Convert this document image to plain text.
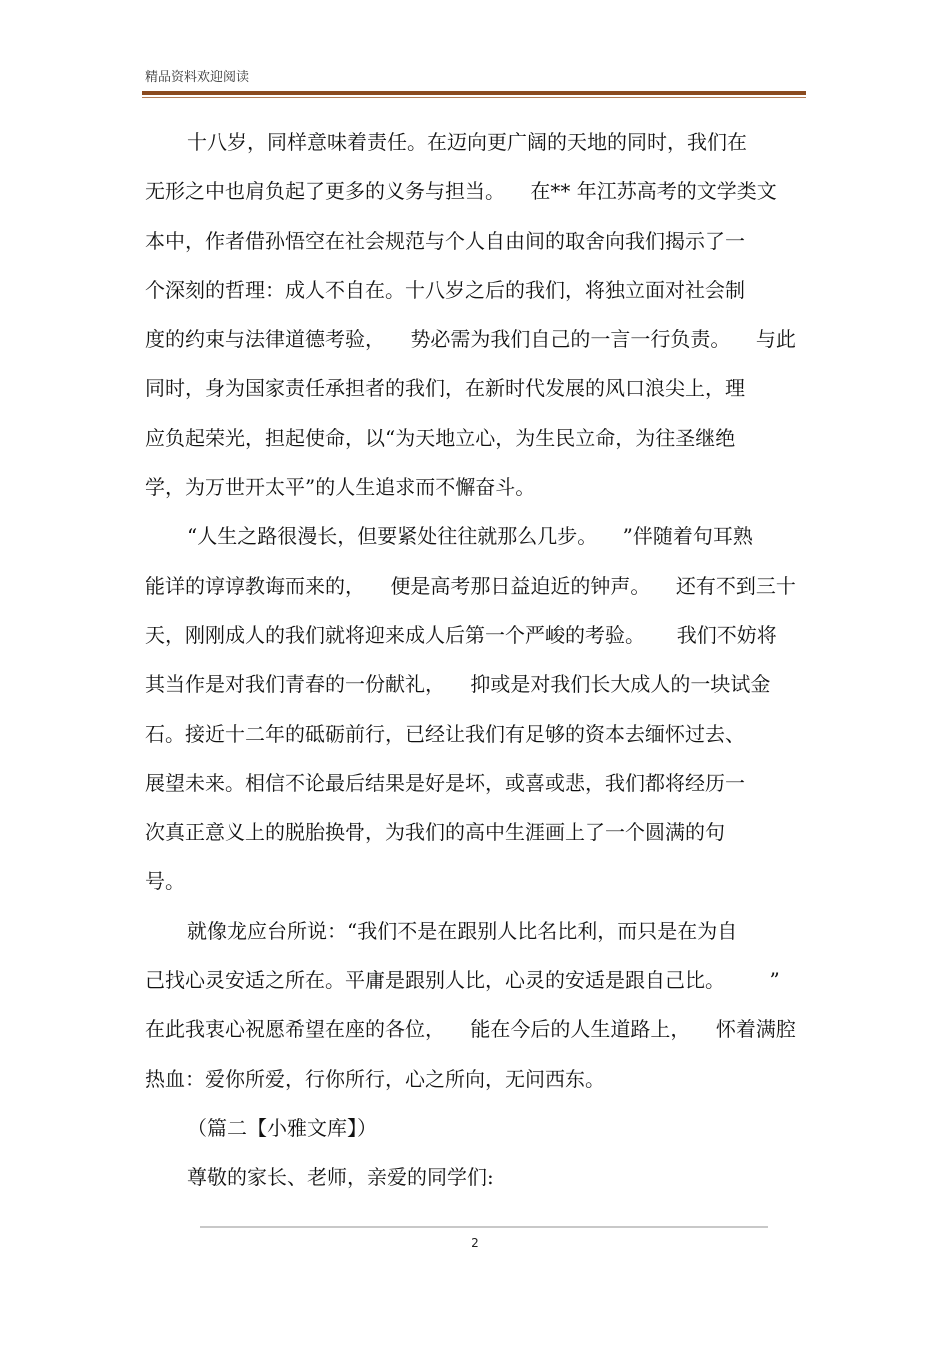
精品资料欢迎阅读
十八岁，同样意味着责任。在迈向更广阔的天地的同时，我们在
无形之中也肩负起了更多的义务与担当。    在** 年江苏高考的文学类文
本中，作者借孙悟空在社会规范与个人自由间的取舍向我们揭示了一
个深刻的哲理：成人不自在。十八岁之后的我们，将独立面对社会制
度的约束与法律道德考验，    势必需为我们自己的一言一行负责。    与此
同时，身为国家责任承担者的我们，在新时代发展的风口浪尖上，理
应负起荣光，担起使命，以“为天地立心，为生民立命，为往圣继绝
学，为万世开太平”的人生追求而不懈奋斗。
“人生之路很漫长，但要紧处往往就那么几步。    ”伴随着句耳熟
能详的谆谆教诲而来的，    便是高考那日益迫近的钟声。    还有不到三十
天，刚刚成人的我们就将迎来成人后第一个严峻的考验。     我们不妨将
其当作是对我们青春的一份献礼，    抑或是对我们长大成人的一块试金
石。接近十二年的砥砺前行，已经让我们有足够的资本去缅怀过去、
展望未来。相信不论最后结果是好是坏，或喜或悲，我们都将经历一
次真正意义上的脱胎换骨，为我们的高中生涯画上了一个圆满的句
号。
就像龙应台所说：“我们不是在跟别人比名比利，而只是在为自
己找心灵安适之所在。平庸是跟别人比，心灵的安适是跟自己比。       ”
在此我衷心祝愿希望在座的各位，    能在今后的人生道路上，    怀着满腔
热血：爱你所爱，行你所行，心之所向，无问西东。
（篇二【小雅文库】）
尊敬的家长、老师，亲爱的同学们:
2
